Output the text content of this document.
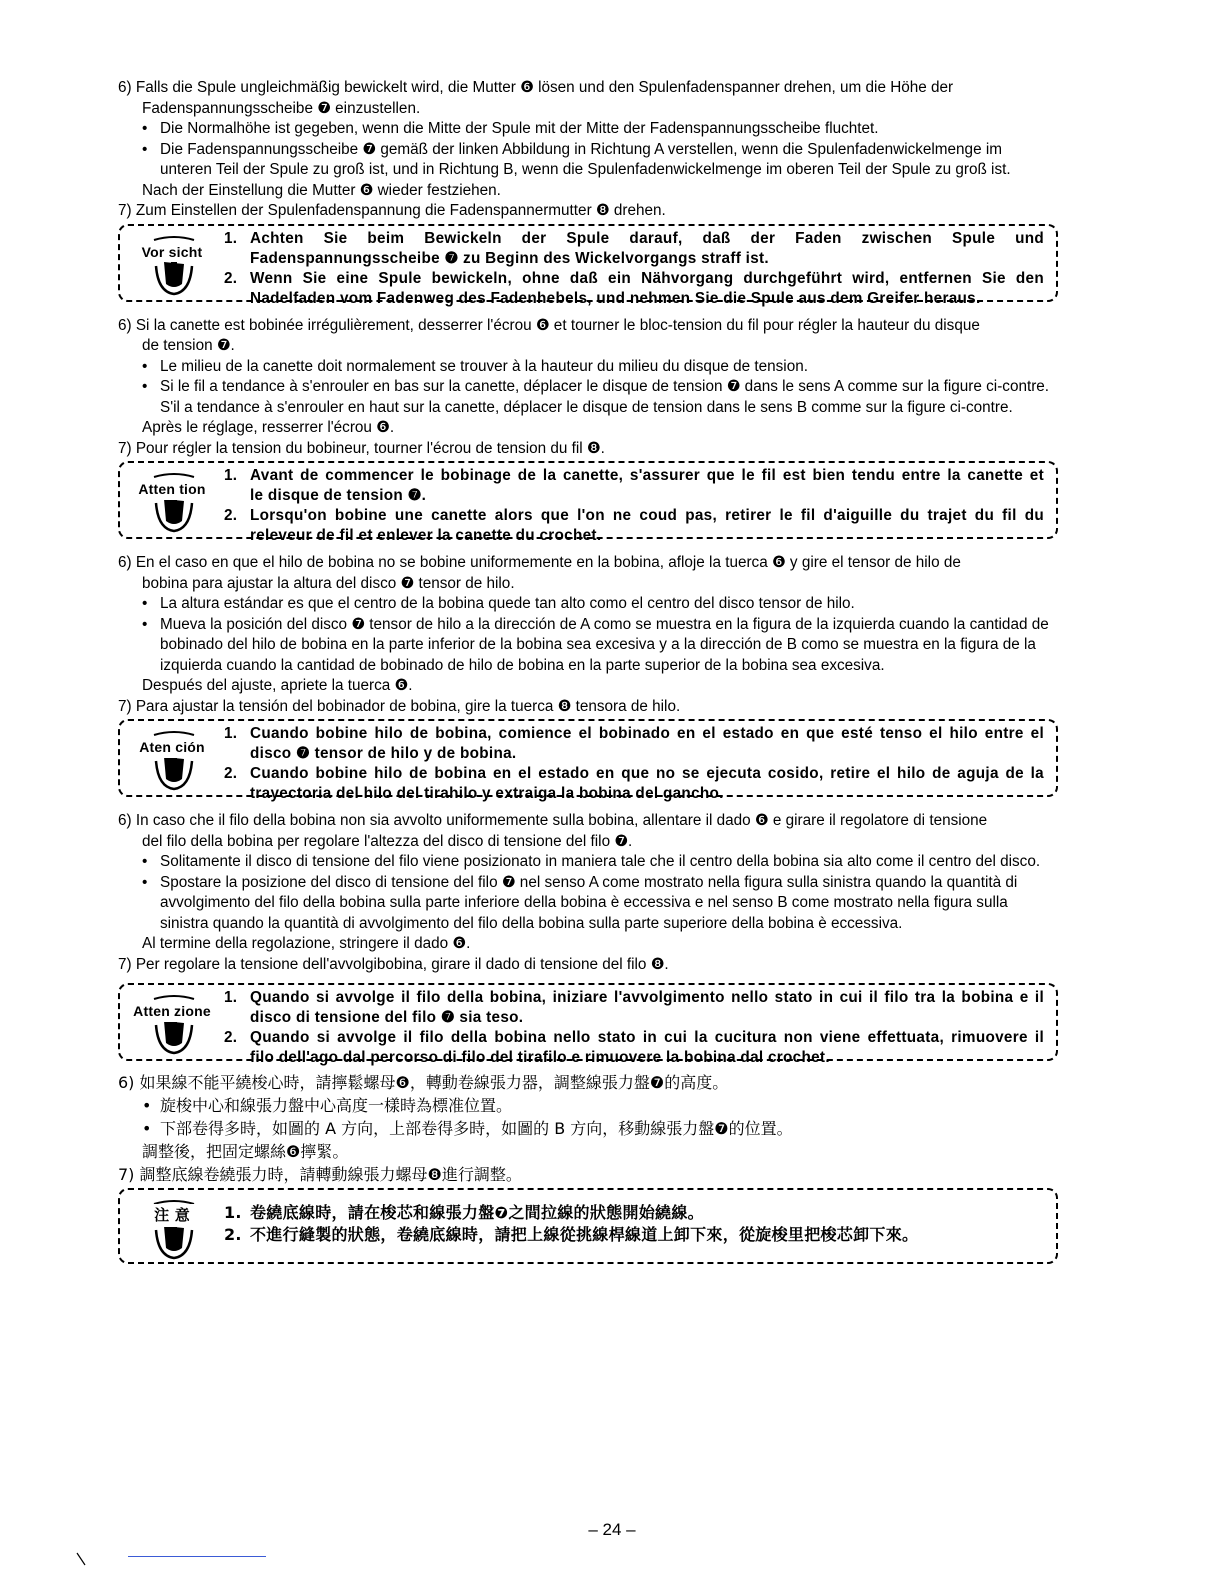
6) Falls die Spule ungleichmäßig bewickelt wird, die Mutter ❻ lösen und den Spulenfadenspanner drehen, um die Höhe der

Fadenspannungsscheibe ❼ einzustellen.

• Die Normalhöhe ist gegeben, wenn die Mitte der Spule mit der Mitte der Fadenspannungsscheibe fluchtet.

• Die Fadenspannungsscheibe ❼ gemäß der linken Abbildung in Richtung A verstellen, wenn die Spulenfadenwickelmenge im unteren Teil der Spule zu groß ist, und in Richtung B, wenn die Spulenfadenwickelmenge im oberen Teil der Spule zu groß ist.

Nach der Einstellung die Mutter ❻ wieder festziehen.

7) Zum Einstellen der Spulenfadenspannung die Fadenspannermutter ❽ drehen.

Vor sicht
1. Achten Sie beim Bewickeln der Spule darauf, daß der Faden zwischen Spule und
Fadenspannungsscheibe ❼ zu Beginn des Wickelvorgangs straff ist.
2. Wenn Sie eine Spule bewickeln, ohne daß ein Nähvorgang durchgeführt wird, entfernen Sie den
Nadelfaden vom Fadenweg des Fadenhebels, und nehmen Sie die Spule aus dem Greifer heraus.

6) Si la canette est bobinée irrégulièrement, desserrer l'écrou ❻ et tourner le bloc-tension du fil pour régler la hauteur du disque

de tension ❼.

• Le milieu de la canette doit normalement se trouver à la hauteur du milieu du disque de tension.

• Si le fil a tendance à s'enrouler en bas sur la canette, déplacer le disque de tension ❼ dans le sens A comme sur la figure ci-contre. S'il a tendance à s'enrouler en haut sur la canette, déplacer le disque de tension dans le sens B comme sur la figure ci-contre.

Après le réglage, resserrer l'écrou ❻.

7) Pour régler la tension du bobineur, tourner l'écrou de tension du fil ❽.

Atten tion
1. Avant de commencer le bobinage de la canette, s'assurer que le fil est bien tendu entre la canette et
le disque de tension ❼.
2. Lorsqu'on bobine une canette alors que l'on ne coud pas, retirer le fil d'aiguille du trajet du fil du
releveur de fil et enlever la canette du crochet.

6) En el caso en que el hilo de bobina no se bobine uniformemente en la bobina, afloje la tuerca ❻ y gire el tensor de hilo de

bobina para ajustar la altura del disco ❼ tensor de hilo.

• La altura estándar es que el centro de la bobina quede tan alto como el centro del disco tensor de hilo.

• Mueva la posición del disco ❼ tensor de hilo a la dirección de A como se muestra en la figura de la izquierda cuando la cantidad de bobinado del hilo de bobina en la parte inferior de la bobina sea excesiva y a la dirección de B como se muestra en la figura de la izquierda cuando la cantidad de bobinado de hilo de bobina en la parte superior de la bobina sea excesiva.

Después del ajuste, apriete la tuerca ❻.

7) Para ajustar la tensión del bobinador de bobina, gire la tuerca ❽ tensora de hilo.

Aten ción
1. Cuando bobine hilo de bobina, comience el bobinado en el estado en que esté tenso el hilo entre el
disco ❼ tensor de hilo y de bobina.
2. Cuando bobine hilo de bobina en el estado en que no se ejecuta cosido, retire el hilo de aguja de la
trayectoria del hilo del tirahilo y extraiga la bobina del gancho.

6) In caso che il filo della bobina non sia avvolto uniformemente sulla bobina, allentare il dado ❻ e girare il regolatore di tensione

del filo della bobina per regolare l'altezza del disco di tensione del filo ❼.

• Solitamente il disco di tensione del filo viene posizionato in maniera tale che il centro della bobina sia alto come il centro del disco.

• Spostare la posizione del disco di tensione del filo ❼ nel senso A come mostrato nella figura sulla sinistra quando la quantità di avvolgimento del filo della bobina sulla parte inferiore della bobina è eccessiva e nel senso B come mostrato nella figura sulla sinistra quando la quantità di avvolgimento del filo della bobina sulla parte superiore della bobina è eccessiva.

Al termine della regolazione, stringere il dado ❻.

7) Per regolare la tensione dell'avvolgibobina, girare il dado di tensione del filo ❽.

Atten zione
1. Quando si avvolge il filo della bobina, iniziare l'avvolgimento nello stato in cui il filo tra la bobina e il
disco di tensione del filo ❼ sia teso.
2. Quando si avvolge il filo della bobina nello stato in cui la cucitura non viene effettuata, rimuovere il
filo dell'ago dal percorso di filo del tirafilo e rimuovere la bobina dal crochet.

6) 如果線不能平繞梭心時，請擰鬆螺母❻，轉動卷線張力器，調整線張力盤❼的高度。

• 旋梭中心和線張力盤中心高度一樣時為標准位置。

• 下部卷得多時，如圖的 A 方向，上部卷得多時，如圖的 B 方向，移動線張力盤❼的位置。

調整後，把固定螺絲❻擰緊。

7) 調整底線卷繞張力時，請轉動線張力螺母❽進行調整。

注 意	1. 卷繞底線時，請在梭芯和線張力盤❼之間拉線的狀態開始繞線。
2. 不進行縫製的狀態，卷繞底線時，請把上線從挑線桿線道上卸下來，從旋梭里把梭芯卸下來。
– 24 –
